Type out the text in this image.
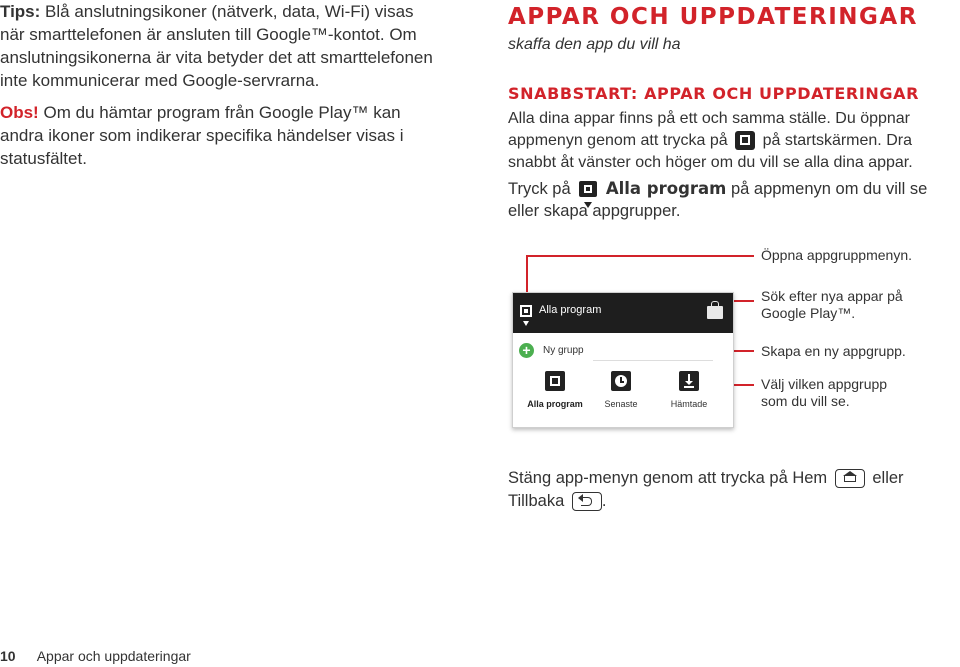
Tips: Blå anslutningsikoner (nätverk, data, Wi-Fi) visas när smarttelefonen är ansluten till Google™-kontot. Om anslutningsikonerna är vita betyder det att smarttelefonen inte kommunicerar med Google-servrarna.

Obs! Om du hämtar program från Google Play™ kan andra ikoner som indikerar specifika händelser visas i statusfältet.

APPAR OCH UPPDATERINGAR
skaffa den app du vill ha
SNABBSTART: APPAR OCH UPPDATERINGAR
Alla dina appar finns på ett och samma ställe. Du öppnar appmenyn genom att trycka på på startskärmen. Dra snabbt åt vänster och höger om du vill se alla dina appar.
Tryck på Alla program på appmenyn om du vill se eller skapa appgrupper.
Öppna appgruppmenyn.
Sök efter nya appar på Google Play™.
Skapa en ny appgrupp.
Välj vilken appgrupp som du vill se.
Alla program
+	Ny grupp
Alla program	Senaste	Hämtade
Stäng app-menyn genom att trycka på Hem	eller
Tillbaka .
10 Appar och uppdateringar
